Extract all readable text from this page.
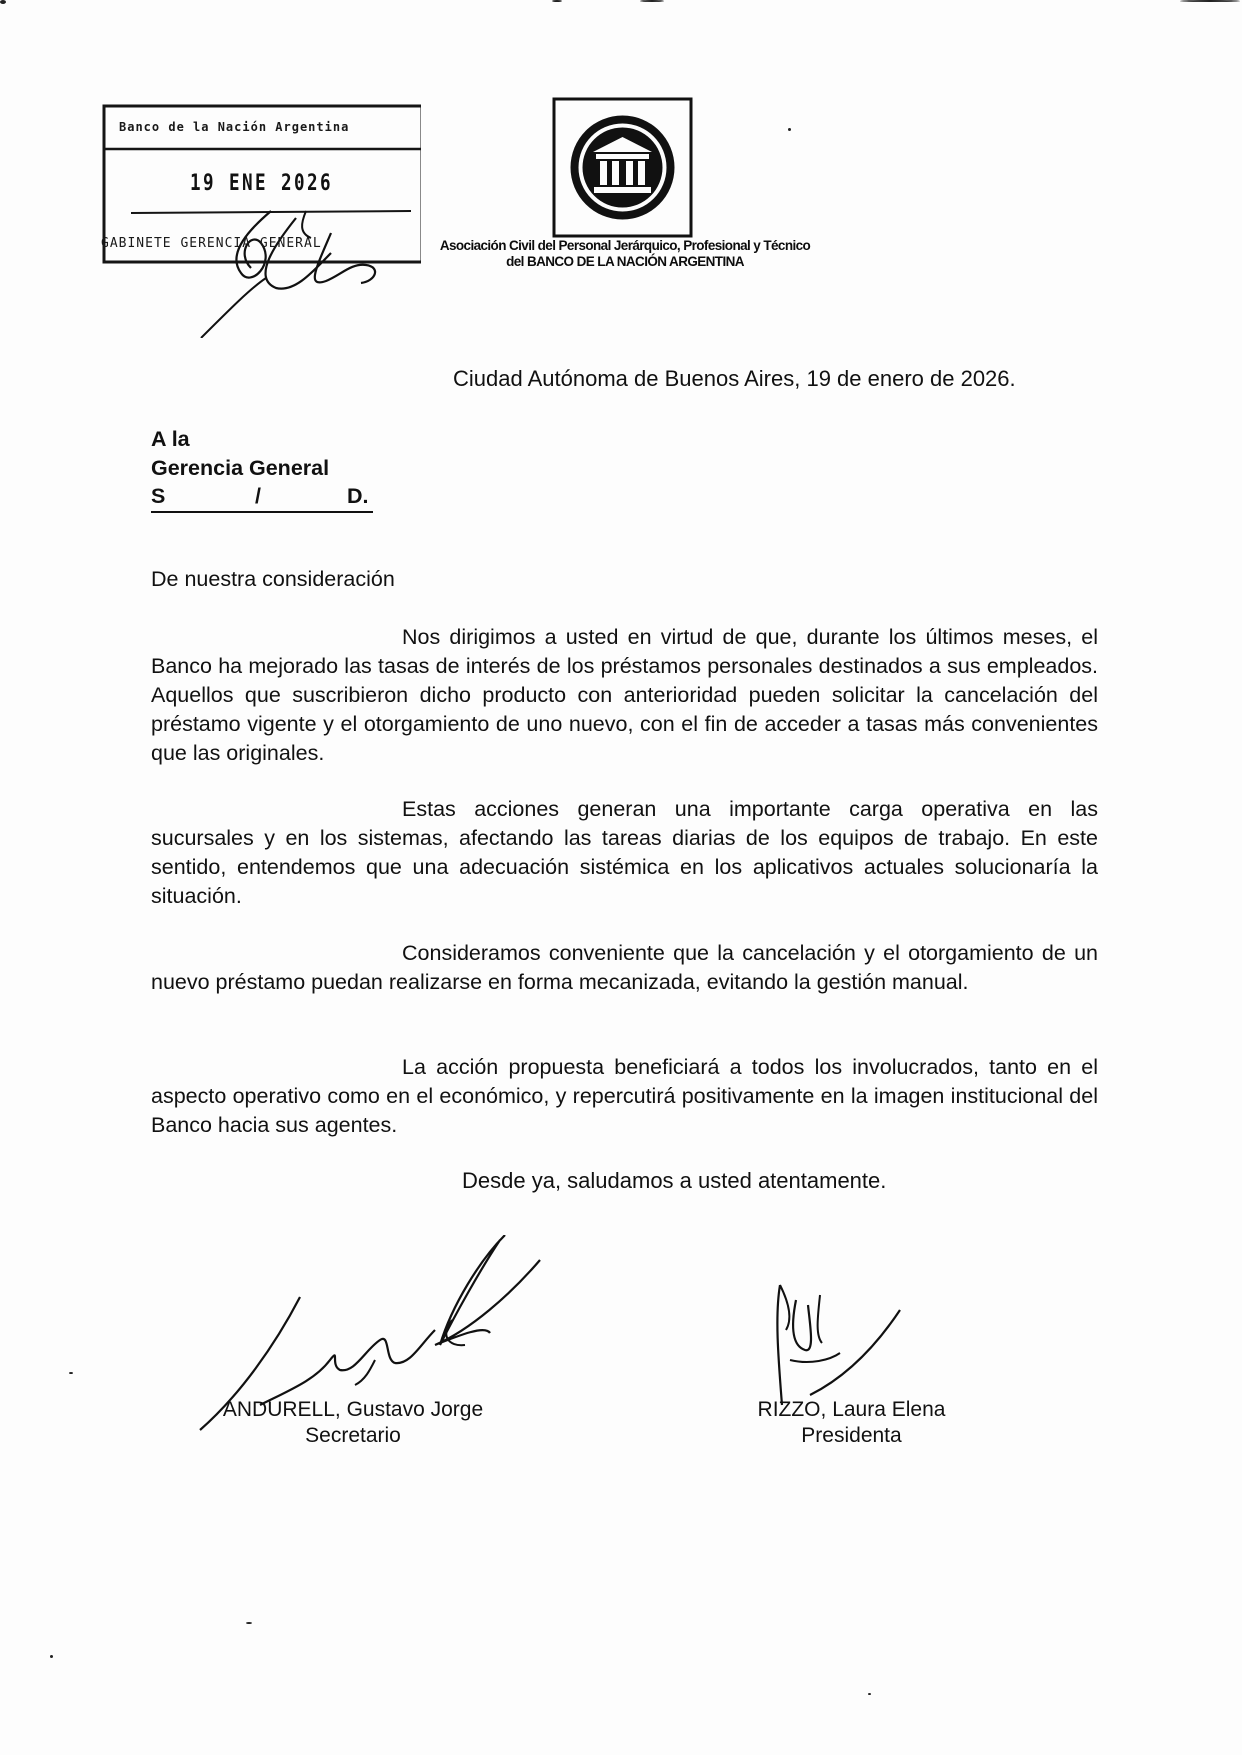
Banco de la Nación Argentina
19 ENE 2026
GABINETE GERENCIA GENERAL	Asociación Civil del Personal Jerárquico, Profesional y Técnico
del BANCO DE LA NACIÓN ARGENTINA
Ciudad Autónoma de Buenos Aires, 19 de enero de 2026.
A la
Gerencia General
S	/	D.
De nuestra consideración

Nos dirigimos a usted en virtud de que, durante los últimos meses, el Banco ha mejorado las tasas de interés de los préstamos personales destinados a sus empleados. Aquellos que suscribieron dicho producto con anterioridad pueden solicitar la cancelación del préstamo vigente y el otorgamiento de uno nuevo, con el fin de acceder a tasas más convenientes que las originales.

Estas acciones generan una importante carga operativa en las sucursales y en los sistemas, afectando las tareas diarias de los equipos de trabajo. En este sentido, entendemos que una adecuación sistémica en los aplicativos actuales solucionaría la situación.

Consideramos conveniente que la cancelación y el otorgamiento de un nuevo préstamo puedan realizarse en forma mecanizada, evitando la gestión manual.

La acción propuesta beneficiará a todos los involucrados, tanto en el aspecto operativo como en el económico, y repercutirá positivamente en la imagen institucional del Banco hacia sus agentes.

Desde ya, saludamos a usted atentamente.
ANDURELL, Gustavo Jorge
Secretario
RIZZO, Laura Elena
Presidenta
